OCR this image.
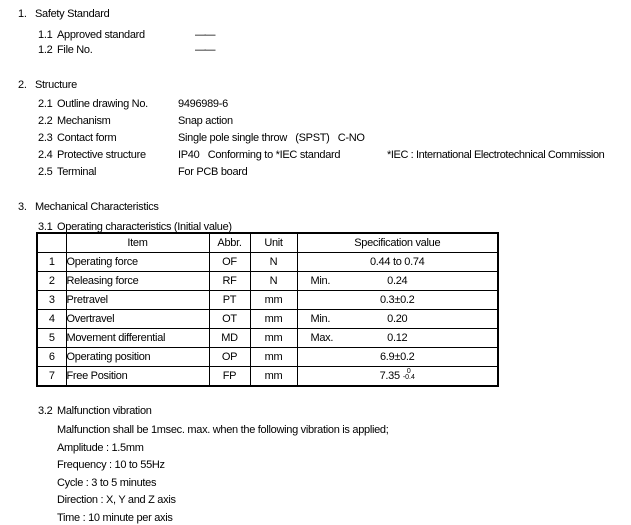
1. Safety Standard
1.1 Approved standard	——
1.2 File No.	——
2. Structure
2.1 Outline drawing No.	9496989-6
2.2 Mechanism	Snap action
2.3 Contact form	Single pole single throw   (SPST)   C-NO
2.4 Protective structure	IP40   Conforming to *IEC standard	*IEC : International Electrotechnical Commission
2.5 Terminal	For PCB board
3. Mechanical Characteristics
3.1 Operating characteristics (Initial value)
	Item	Abbr.	Unit	Specification value
1	Operating force	OF	N	0.44 to 0.74
2	Releasing force	RF	N	Min. 0.24
3	Pretravel	PT	mm	0.3±0.2
4	Overtravel	OT	mm	Min. 0.20
5	Movement differential	MD	mm	Max. 0.12
6	Operating position	OP	mm	6.9±0.2
7	Free Position	FP	mm	7.35 0
-0.4
3.2 Malfunction vibration
Malfunction shall be 1msec. max. when the following vibration is applied;
Amplitude : 1.5mm
Frequency : 10 to 55Hz
Cycle : 3 to 5 minutes
Direction : X, Y and Z axis
Time : 10 minute per axis
